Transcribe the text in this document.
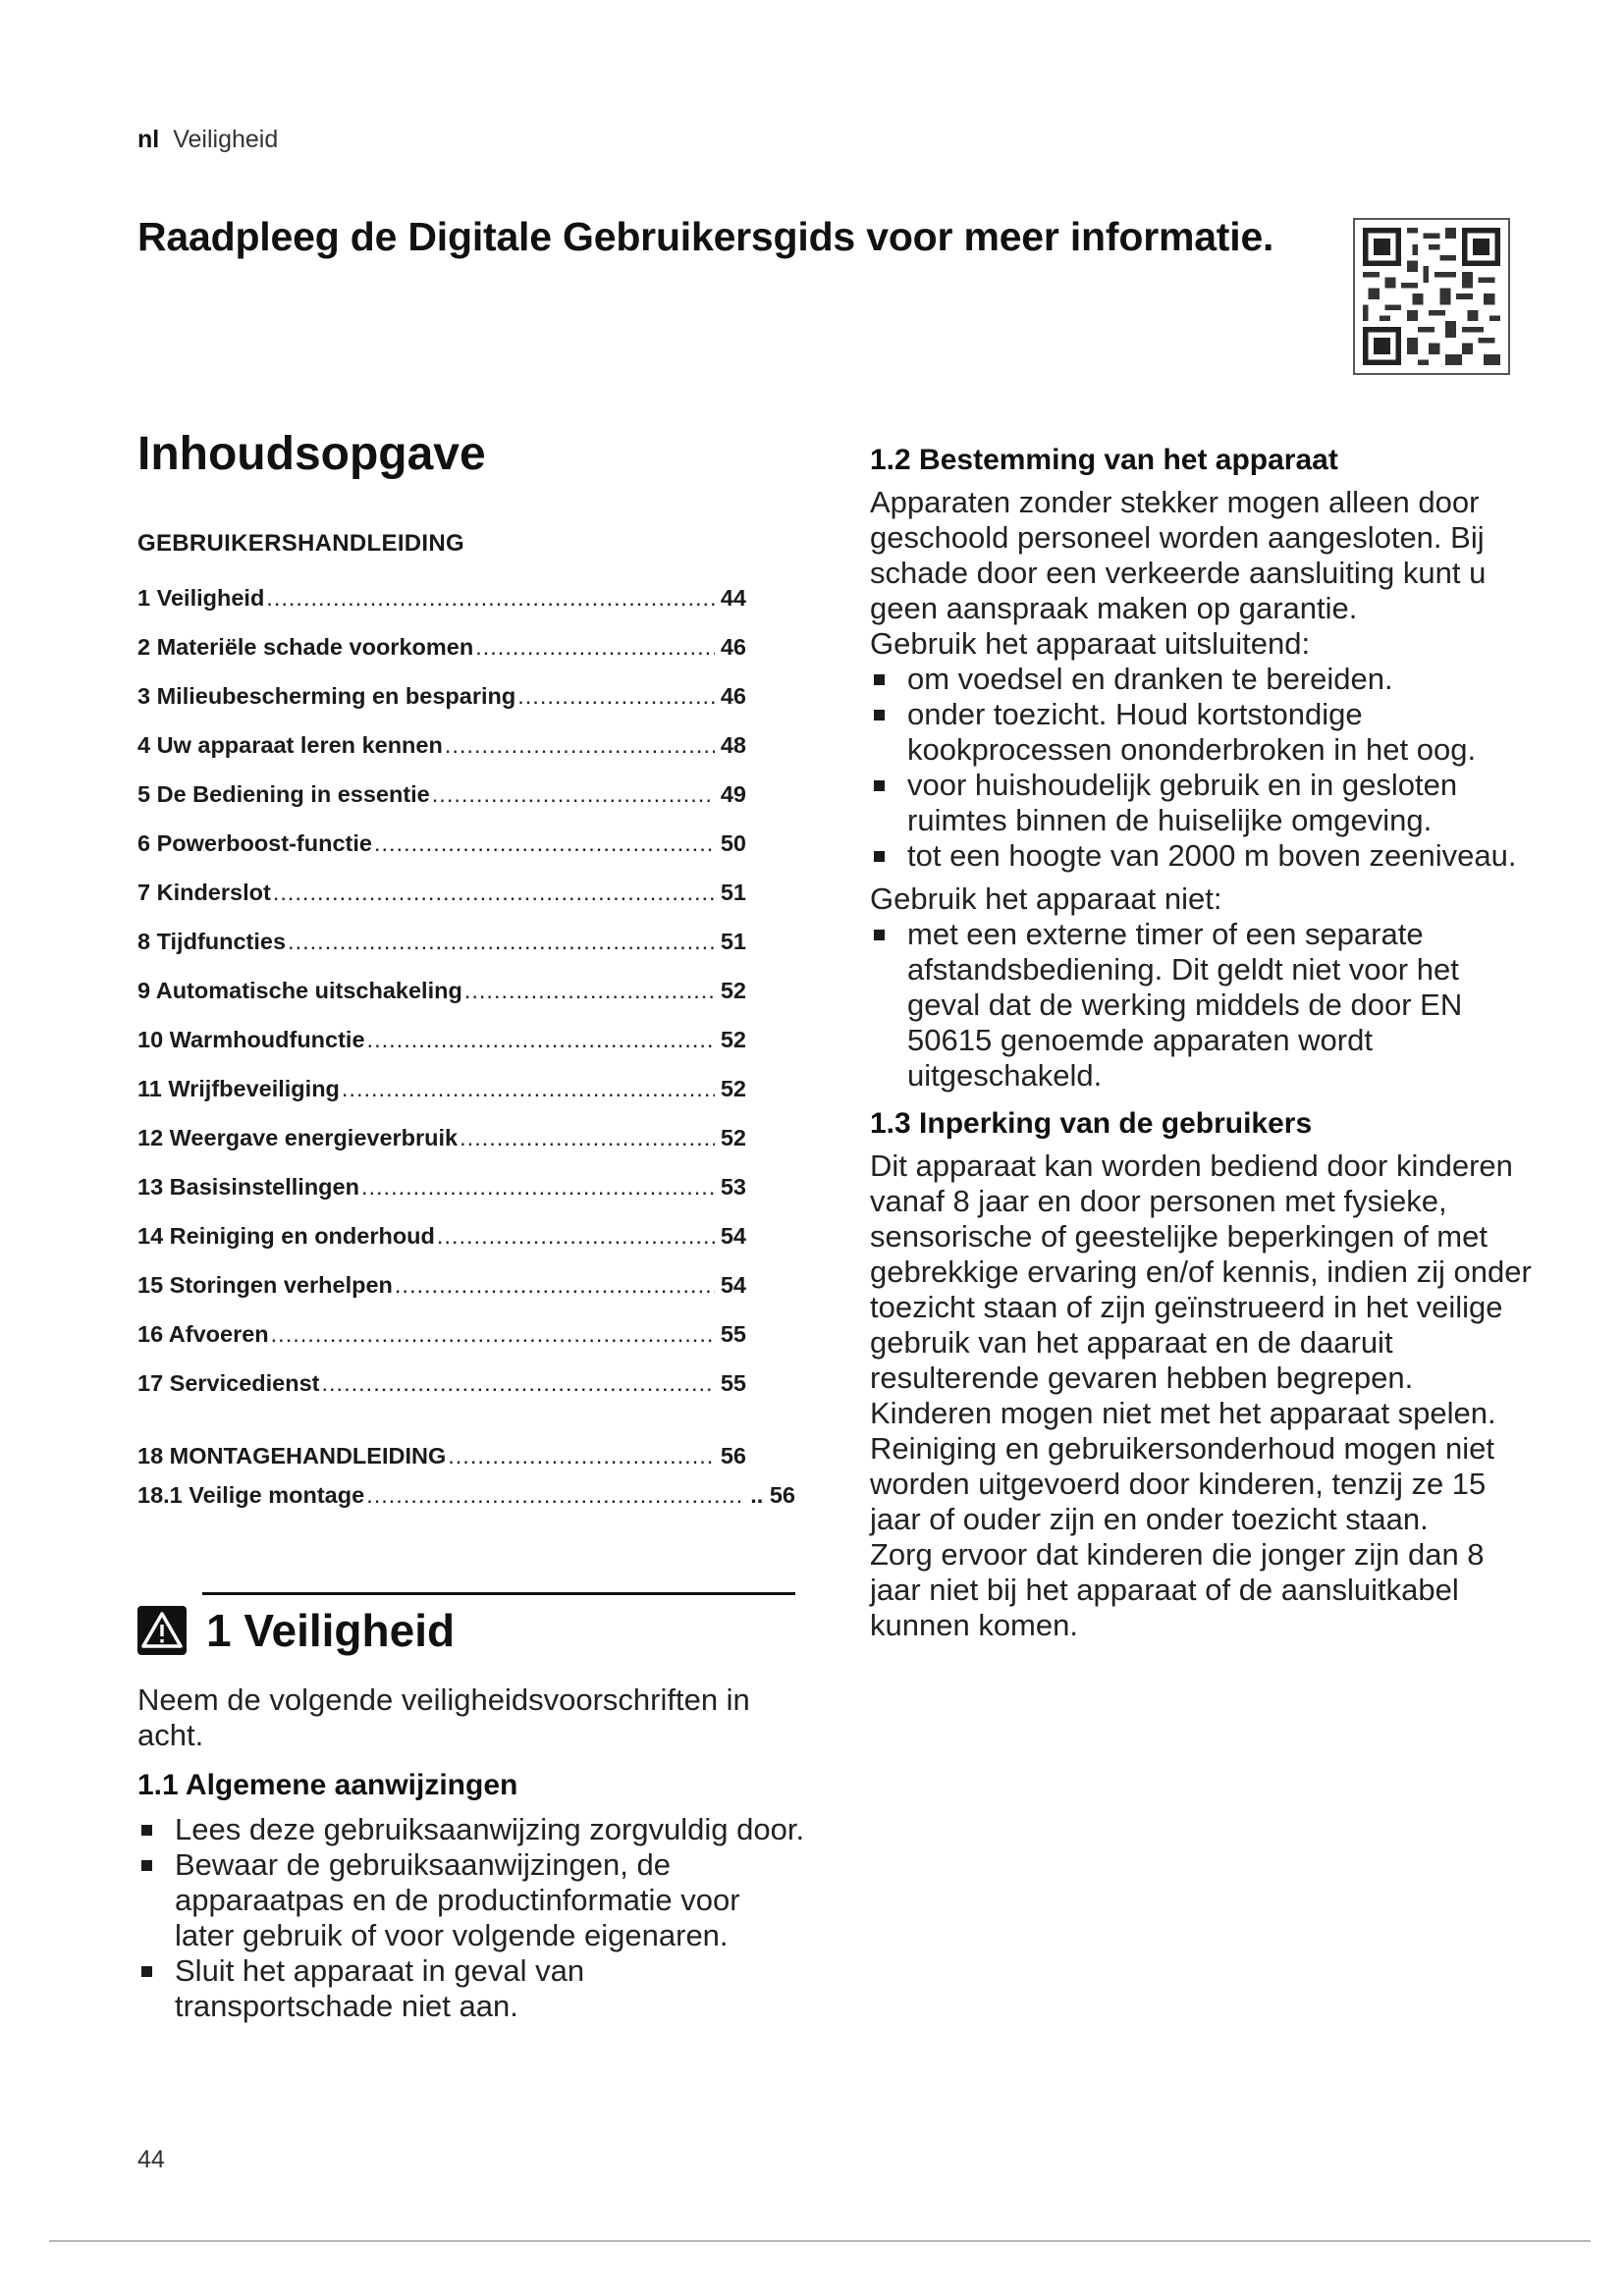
nl Veiligheid
Raadpleeg de Digitale Gebruikersgids voor meer informatie.
Inhoudsopgave
GEBRUIKERSHANDLEIDING
1 Veiligheid .....	44
2 Materiële schade voorkomen .....	46
3 Milieubescherming en besparing .....	46
4 Uw apparaat leren kennen .....	48
5 De Bediening in essentie .....	49
6 Powerboost-functie .....	50
7 Kinderslot .....	51
8 Tijdfuncties .....	51
9 Automatische uitschakeling .....	52
10 Warmhoudfunctie .....	52
11 Wrijfbeveiliging .....	52
12 Weergave energieverbruik .....	52
13 Basisinstellingen .....	53
14 Reiniging en onderhoud .....	54
15 Storingen verhelpen .....	54
16 Afvoeren .....	55
17 Servicedienst .....	55
18 MONTAGEHANDLEIDING .....	56
18.1 Veilige montage .....	.. 56
1 Veiligheid

Neem de volgende veiligheidsvoorschriften in acht.

1.1 Algemene aanwijzingen

Lees deze gebruiksaanwijzing zorgvuldig door.
Bewaar de gebruiksaanwijzingen, de apparaatpas en de productinformatie voor later gebruik of voor volgende eigenaren.
Sluit het apparaat in geval van transportschade niet aan.

1.2 Bestemming van het apparaat

Apparaten zonder stekker mogen alleen door geschoold personeel worden aangesloten. Bij schade door een verkeerde aansluiting kunt u geen aanspraak maken op garantie.

Gebruik het apparaat uitsluitend:

om voedsel en dranken te bereiden.
onder toezicht. Houd kortstondige kookprocessen ononderbroken in het oog.
voor huishoudelijk gebruik en in gesloten ruimtes binnen de huiselijke omgeving.
tot een hoogte van 2000 m boven zeeniveau.

Gebruik het apparaat niet:

met een externe timer of een separate afstandsbediening. Dit geldt niet voor het geval dat de werking middels de door EN 50615 genoemde apparaten wordt uitgeschakeld.

1.3 Inperking van de gebruikers

Dit apparaat kan worden bediend door kinderen vanaf 8 jaar en door personen met fysieke, sensorische of geestelijke beperkingen of met gebrekkige ervaring en/of kennis, indien zij onder toezicht staan of zijn geïnstrueerd in het veilige gebruik van het apparaat en de daaruit resulterende gevaren hebben begrepen.

Kinderen mogen niet met het apparaat spelen.

Reiniging en gebruikersonderhoud mogen niet worden uitgevoerd door kinderen, tenzij ze 15 jaar of ouder zijn en onder toezicht staan.

Zorg ervoor dat kinderen die jonger zijn dan 8 jaar niet bij het apparaat of de aansluitkabel kunnen komen.

44
